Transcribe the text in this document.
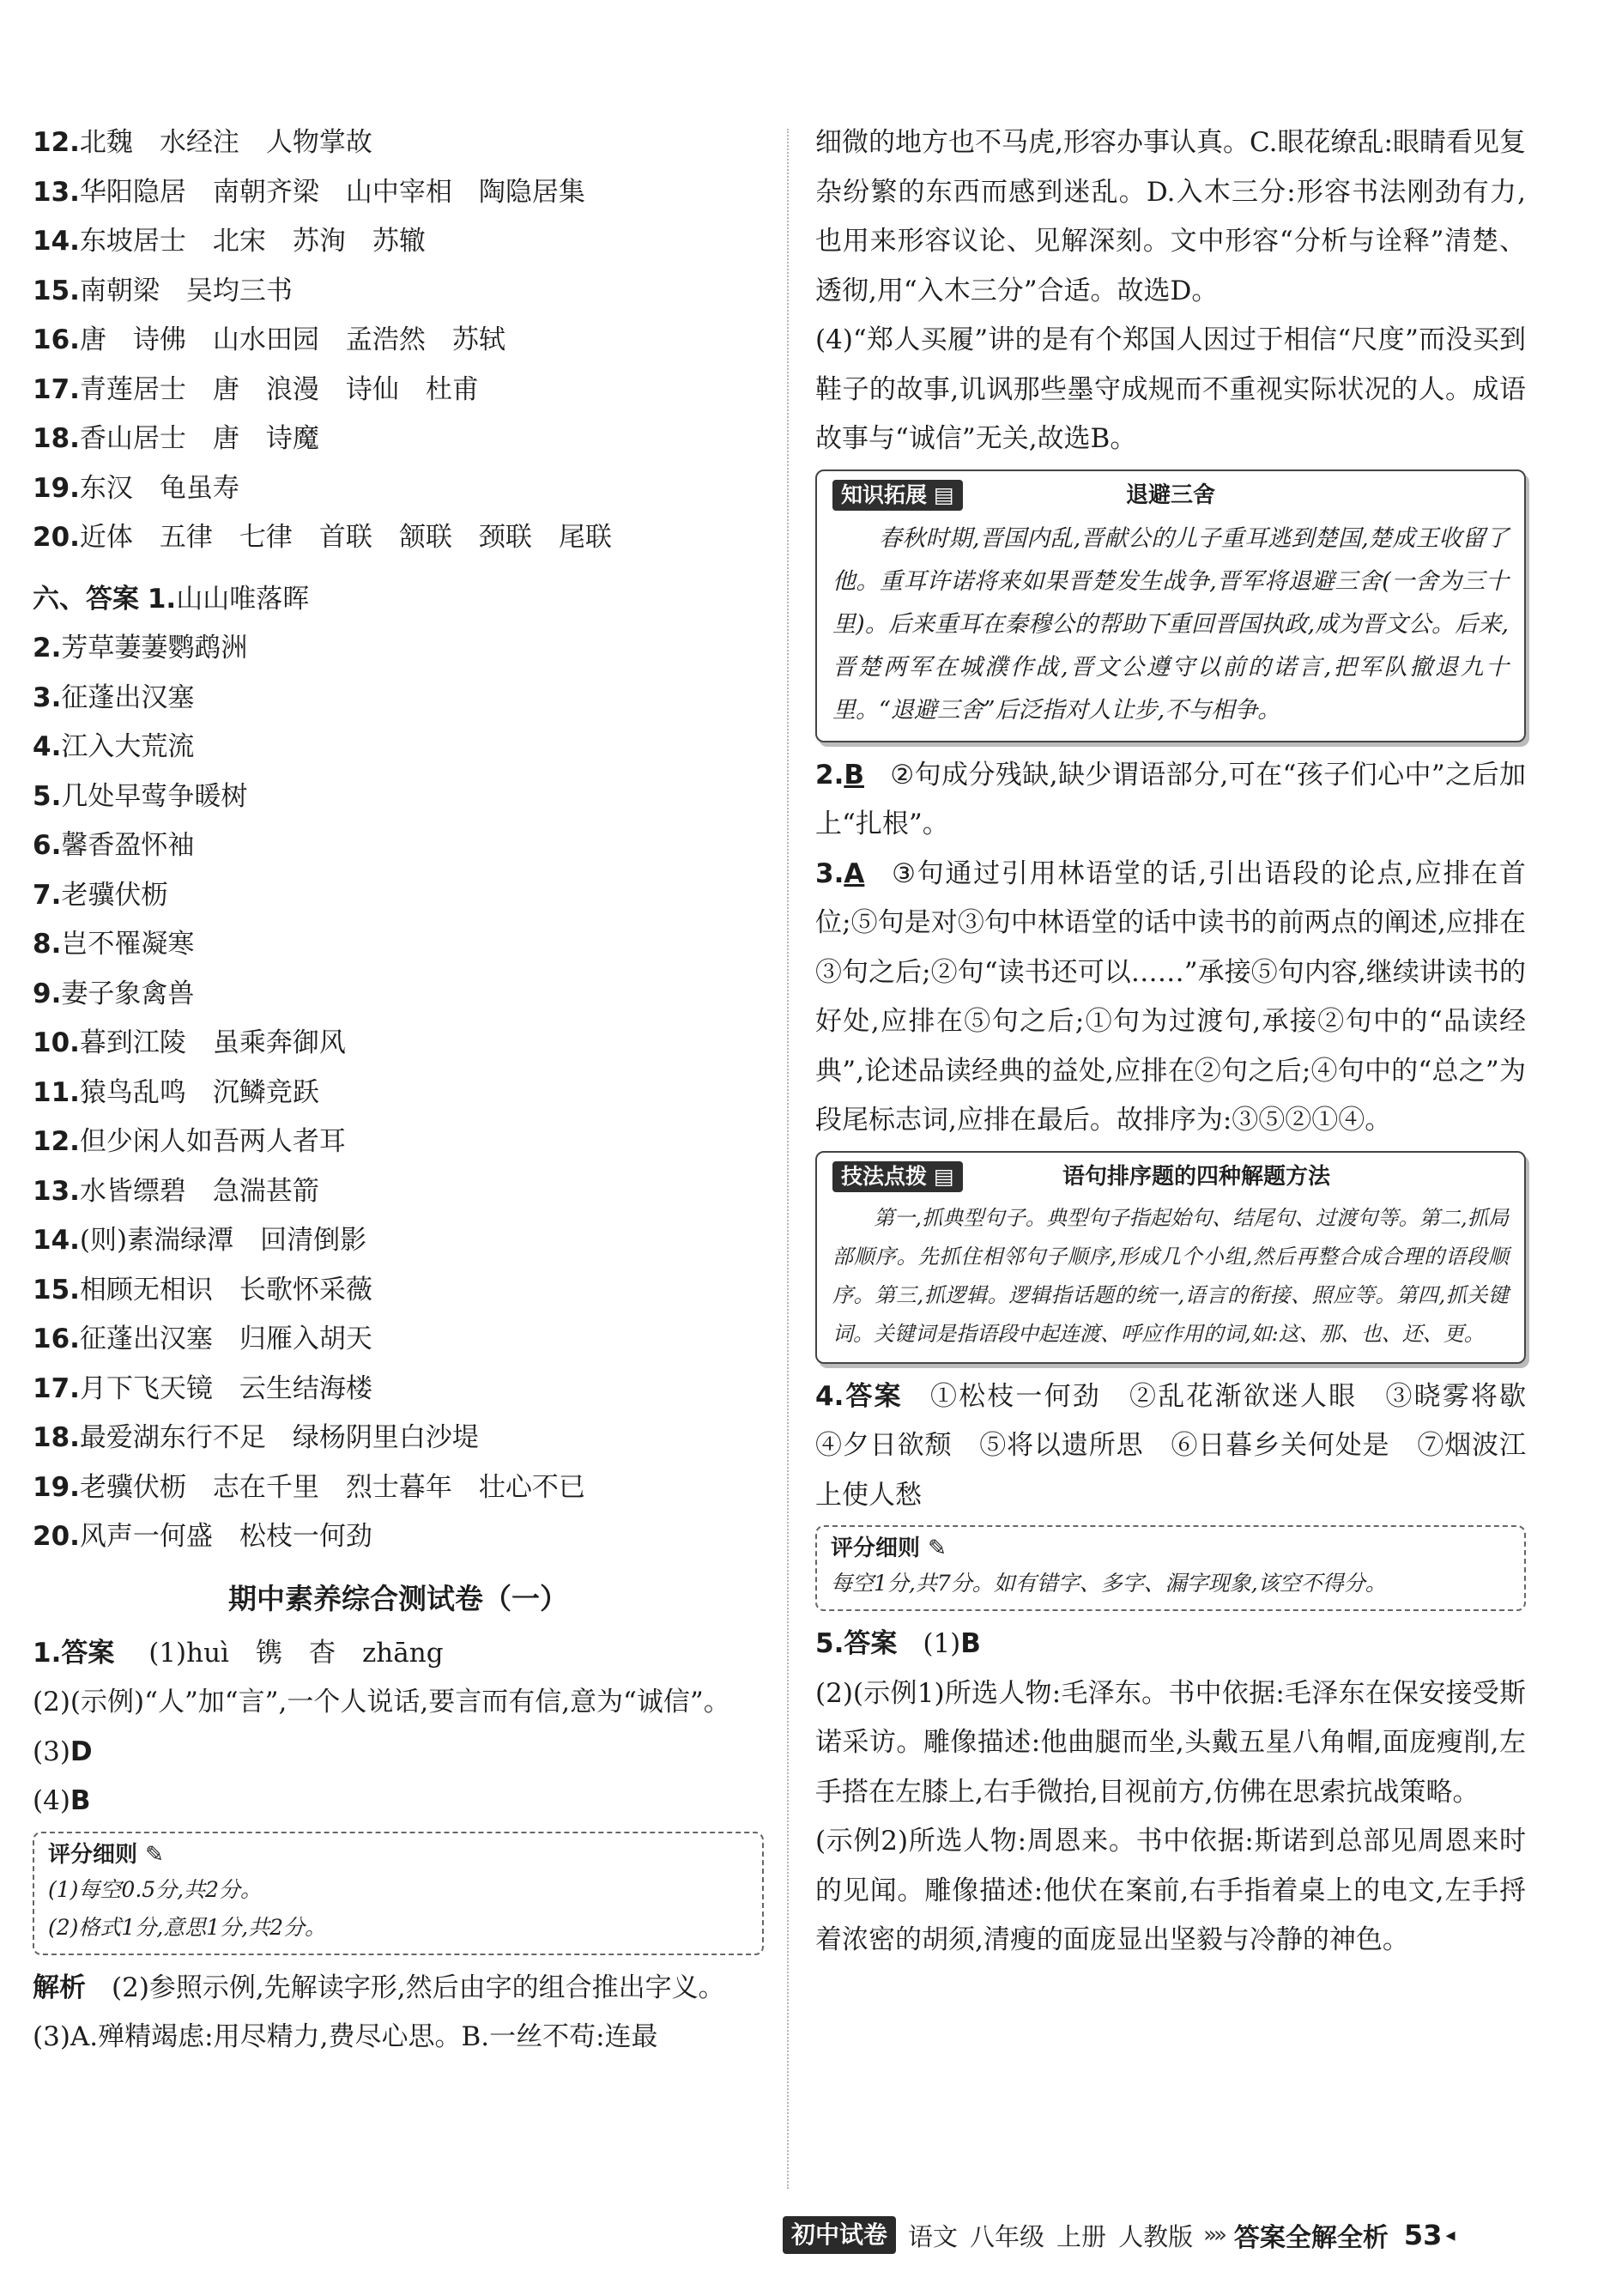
12.北魏　水经注　人物掌故
13.华阳隐居　南朝齐梁　山中宰相　陶隐居集
14.东坡居士　北宋　苏洵　苏辙
15.南朝梁　吴均三书
16.唐　诗佛　山水田园　孟浩然　苏轼
17.青莲居士　唐　浪漫　诗仙　杜甫
18.香山居士　唐　诗魔
19.东汉　龟虽寿
20.近体　五律　七律　首联　颔联　颈联　尾联
六、答案 1.山山唯落晖
2.芳草萋萋鹦鹉洲
3.征蓬出汉塞
4.江入大荒流
5.几处早莺争暖树
6.馨香盈怀袖
7.老骥伏枥
8.岂不罹凝寒
9.妻子象禽兽
10.暮到江陵　虽乘奔御风
11.猿鸟乱鸣　沉鳞竞跃
12.但少闲人如吾两人者耳
13.水皆缥碧　急湍甚箭
14.(则)素湍绿潭　回清倒影
15.相顾无相识　长歌怀采薇
16.征蓬出汉塞　归雁入胡天
17.月下飞天镜　云生结海楼
18.最爱湖东行不足　绿杨阴里白沙堤
19.老骥伏枥　志在千里　烈士暮年　壮心不已
20.风声一何盛　松枝一何劲
期中素养综合测试卷（一）
1.答案 (1)huì　镌　杳　zhāng
(2)(示例)“人”加“言”,一个人说话,要言而有信,意为“诚信”。
(3)D
(4)B
评分细则 ✎
(1)每空0.5分,共2分。
(2)格式1分,意思1分,共2分。
解析 (2)参照示例,先解读字形,然后由字的组合推出字义。
(3)A.殚精竭虑:用尽精力,费尽心思。B.一丝不苟:连最
细微的地方也不马虎,形容办事认真。C.眼花缭乱:眼睛看见复杂纷繁的东西而感到迷乱。D.入木三分:形容书法刚劲有力,也用来形容议论、见解深刻。文中形容“分析与诠释”清楚、透彻,用“入木三分”合适。故选D。
(4)“郑人买履”讲的是有个郑国人因过于相信“尺度”而没买到鞋子的故事,讥讽那些墨守成规而不重视实际状况的人。成语故事与“诚信”无关,故选B。
知识拓展 ▤	退避三舍
春秋时期,晋国内乱,晋献公的儿子重耳逃到楚国,楚成王收留了他。重耳许诺将来如果晋楚发生战争,晋军将退避三舍(一舍为三十里)。后来重耳在秦穆公的帮助下重回晋国执政,成为晋文公。后来,晋楚两军在城濮作战,晋文公遵守以前的诺言,把军队撤退九十里。“退避三舍”后泛指对人让步,不与相争。
2.B ②句成分残缺,缺少谓语部分,可在“孩子们心中”之后加上“扎根”。
3.A ③句通过引用林语堂的话,引出语段的论点,应排在首位;⑤句是对③句中林语堂的话中读书的前两点的阐述,应排在③句之后;②句“读书还可以……”承接⑤句内容,继续讲读书的好处,应排在⑤句之后;①句为过渡句,承接②句中的“品读经典”,论述品读经典的益处,应排在②句之后;④句中的“总之”为段尾标志词,应排在最后。故排序为:③⑤②①④。
技法点拨 ▤	语句排序题的四种解题方法
第一,抓典型句子。典型句子指起始句、结尾句、过渡句等。第二,抓局部顺序。先抓住相邻句子顺序,形成几个小组,然后再整合成合理的语段顺序。第三,抓逻辑。逻辑指话题的统一,语言的衔接、照应等。第四,抓关键词。关键词是指语段中起连渡、呼应作用的词,如:这、那、也、还、更。
4.答案 ①松枝一何劲　②乱花渐欲迷人眼　③晓雾将歇　④夕日欲颓　⑤将以遗所思　⑥日暮乡关何处是　⑦烟波江上使人愁
评分细则 ✎
每空1分,共7分。如有错字、多字、漏字现象,该空不得分。
5.答案 (1)B
(2)(示例1)所选人物:毛泽东。书中依据:毛泽东在保安接受斯诺采访。雕像描述:他曲腿而坐,头戴五星八角帽,面庞瘦削,左手搭在左膝上,右手微抬,目视前方,仿佛在思索抗战策略。
(示例2)所选人物:周恩来。书中依据:斯诺到总部见周恩来时的见闻。雕像描述:他伏在案前,右手指着桌上的电文,左手捋着浓密的胡须,清瘦的面庞显出坚毅与冷静的神色。
初中试卷 语文 八年级 上册 人教版 »» 答案全解全析 53 ◂
